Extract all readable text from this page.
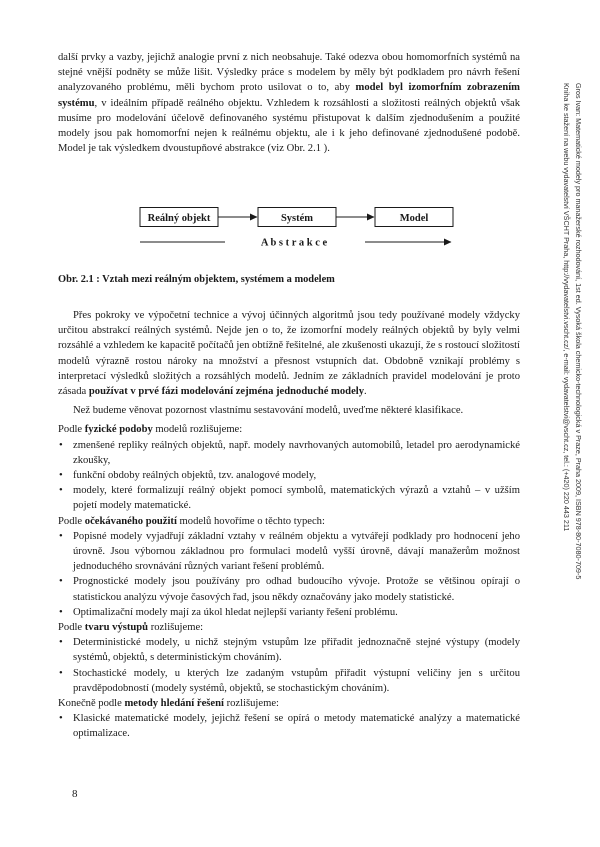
další prvky a vazby, jejichž analogie první z nich neobsahuje. Také odezva obou homomorfních systémů na stejné vnější podněty se může lišit. Výsledky práce s modelem by měly být podkladem pro návrh řešení analyzovaného problému, měli bychom proto usilovat o to, aby model byl izomorfním zobrazením systému, v ideálním případě reálného objektu. Vzhledem k rozsáhlosti a složitosti reálných objektů však musíme pro modelování účelově definovaného systému přistupovat k dalším zjednodušením a použité modely jsou pak homomorfní nejen k reálnému objektu, ale i k jeho definované zjednodušené podobě. Model je tak výsledkem dvoustupňové abstrakce (viz Obr. 2.1 ).

Reálný objekt	Systém	Model
A b s t r a k c e
Obr. 2.1 : Vztah mezi reálným objektem, systémem a modelem

Přes pokroky ve výpočetní technice a vývoj účinných algoritmů jsou tedy používané modely vždycky určitou abstrakcí reálných systémů. Nejde jen o to, že izomorfní modely reálných objektů by byly velmi rozsáhlé a vzhledem ke kapacitě počítačů jen obtížně řešitelné, ale zkušenosti ukazují, že s rostoucí složitostí modelů výrazně rostou nároky na množství a přesnost vstupních dat. Obdobně vznikají problémy s interpretací výsledků složitých a rozsáhlých modelů. Jedním ze základních pravidel modelování je proto zásada používat v prvé fázi modelování zejména jednoduché modely.

Než budeme věnovat pozornost vlastnímu sestavování modelů, uveďme některé klasifikace.

Podle fyzické podoby modelů rozlišujeme:

• zmenšené repliky reálných objektů, např. modely navrhovaných automobilů, letadel pro aerodynamické zkoušky,
• funkční obdoby reálných objektů, tzv. analogové modely,
• modely, které formalizují reálný objekt pomocí symbolů, matematických výrazů a vztahů – v užším pojetí modely matematické.

Podle očekávaného použití modelů hovoříme o těchto typech:

• Popisné modely vyjadřují základní vztahy v reálném objektu a vytvářejí podklady pro hodnocení jeho úrovně. Jsou výbornou základnou pro formulaci modelů vyšší úrovně, dávají manažerům možnost jednoduchého srovnávání různých variant řešení problémů.
• Prognostické modely jsou používány pro odhad budoucího vývoje. Protože se většinou opírají o statistickou analýzu vývoje časových řad, jsou někdy označovány jako modely statistické.
• Optimalizační modely mají za úkol hledat nejlepší varianty řešení problému.

Podle tvaru výstupů rozlišujeme:

• Deterministické modely, u nichž stejným vstupům lze přiřadit jednoznačně stejné výstupy (modely systémů, objektů, s deterministickým chováním).
• Stochastické modely, u kterých lze zadaným vstupům přiřadit výstupní veličiny jen s určitou pravděpodobností (modely systémů, objektů, se stochastickým chováním).

Konečně podle metody hledání řešení rozlišujeme:

• Klasické matematické modely, jejichž řešení se opírá o metody matematické analýzy a matematické optimalizace.
8
Gros Ivan: Matematické modely pro manažerské rozhodování, 1st ed. Vysoká škola chemicko-technologická v Praze, Praha 2009, ISBN 978-80-7080-709-5
Kniha ke stažení na webu vydavatelství VŠCHT Praha, http://vydavatelstvi.vscht.cz/, e-mail: vydavatelstvi@vscht.cz, tel.: (+420) 220 443 211
